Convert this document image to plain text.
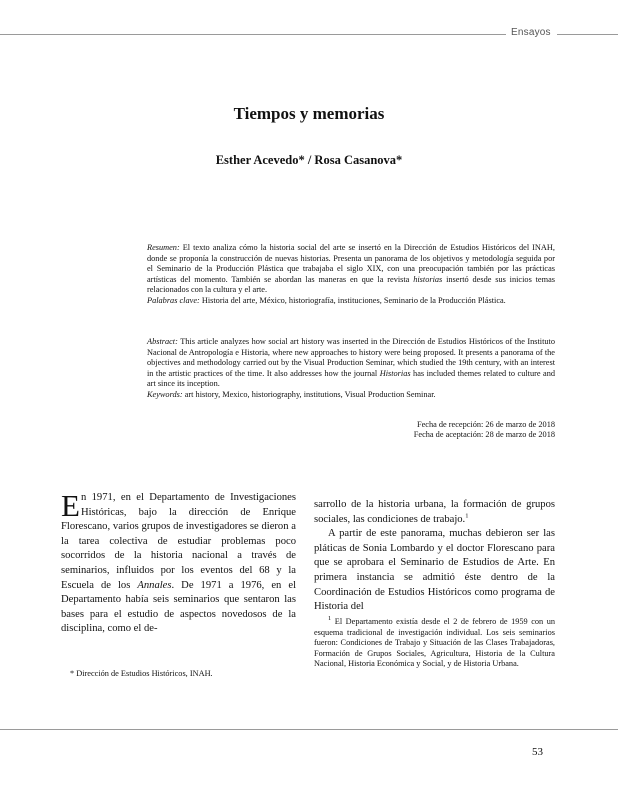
Ensayos
Tiempos y memorias
Esther Acevedo* / Rosa Casanova*
Resumen: El texto analiza cómo la historia social del arte se insertó en la Dirección de Estudios Históricos del INAH, donde se proponía la construcción de nuevas historias. Presenta un panorama de los objetivos y metodología seguida por el Seminario de la Producción Plástica que trabajaba el siglo XIX, con una preocupación también por las prácticas artísticas del momento. También se abordan las maneras en que la revista historias insertó desde sus inicios temas relacionados con la cultura y el arte.
Palabras clave: Historia del arte, México, historiografía, instituciones, Seminario de la Producción Plástica.
Abstract: This article analyzes how social art history was inserted in the Dirección de Estudios Históricos of the Instituto Nacional de Antropología e Historia, where new approaches to history were being proposed. It presents a panorama of the objectives and methodology carried out by the Visual Production Seminar, which studied the 19th century, with an interest in the artistic practices of the time. It also addresses how the journal Historias has included themes related to culture and art since its inception.
Keywords: art history, Mexico, historiography, institutions, Visual Production Seminar.
Fecha de recepción: 26 de marzo de 2018
Fecha de aceptación: 28 de marzo de 2018
En 1971, en el Departamento de Investigaciones Históricas, bajo la dirección de Enrique Florescano, varios grupos de investigadores se dieron a la tarea colectiva de estudiar problemas poco socorridos de la historia nacional a través de seminarios, influidos por los eventos del 68 y la Escuela de los Annales. De 1971 a 1976, en el Departamento había seis seminarios que sentaron las bases para el estudio de aspectos novedosos de la disciplina, como el de-
sarrollo de la historia urbana, la formación de grupos sociales, las condiciones de trabajo.$^1$
A partir de este panorama, muchas debieron ser las pláticas de Sonia Lombardo y el doctor Florescano para que se aprobara el Seminario de Estudios de Arte. En primera instancia se admitió éste dentro de la Coordinación de Estudios Históricos como programa de Historia del
* Dirección de Estudios Históricos, INAH.
$^1$ El Departamento existía desde el 2 de febrero de 1959 con un esquema tradicional de investigación individual. Los seis seminarios fueron: Condiciones de Trabajo y Situación de las Clases Trabajadoras, Formación de Grupos Sociales, Agricultura, Historia de la Cultura Nacional, Historia Económica y Social, y de Historia Urbana.
53
